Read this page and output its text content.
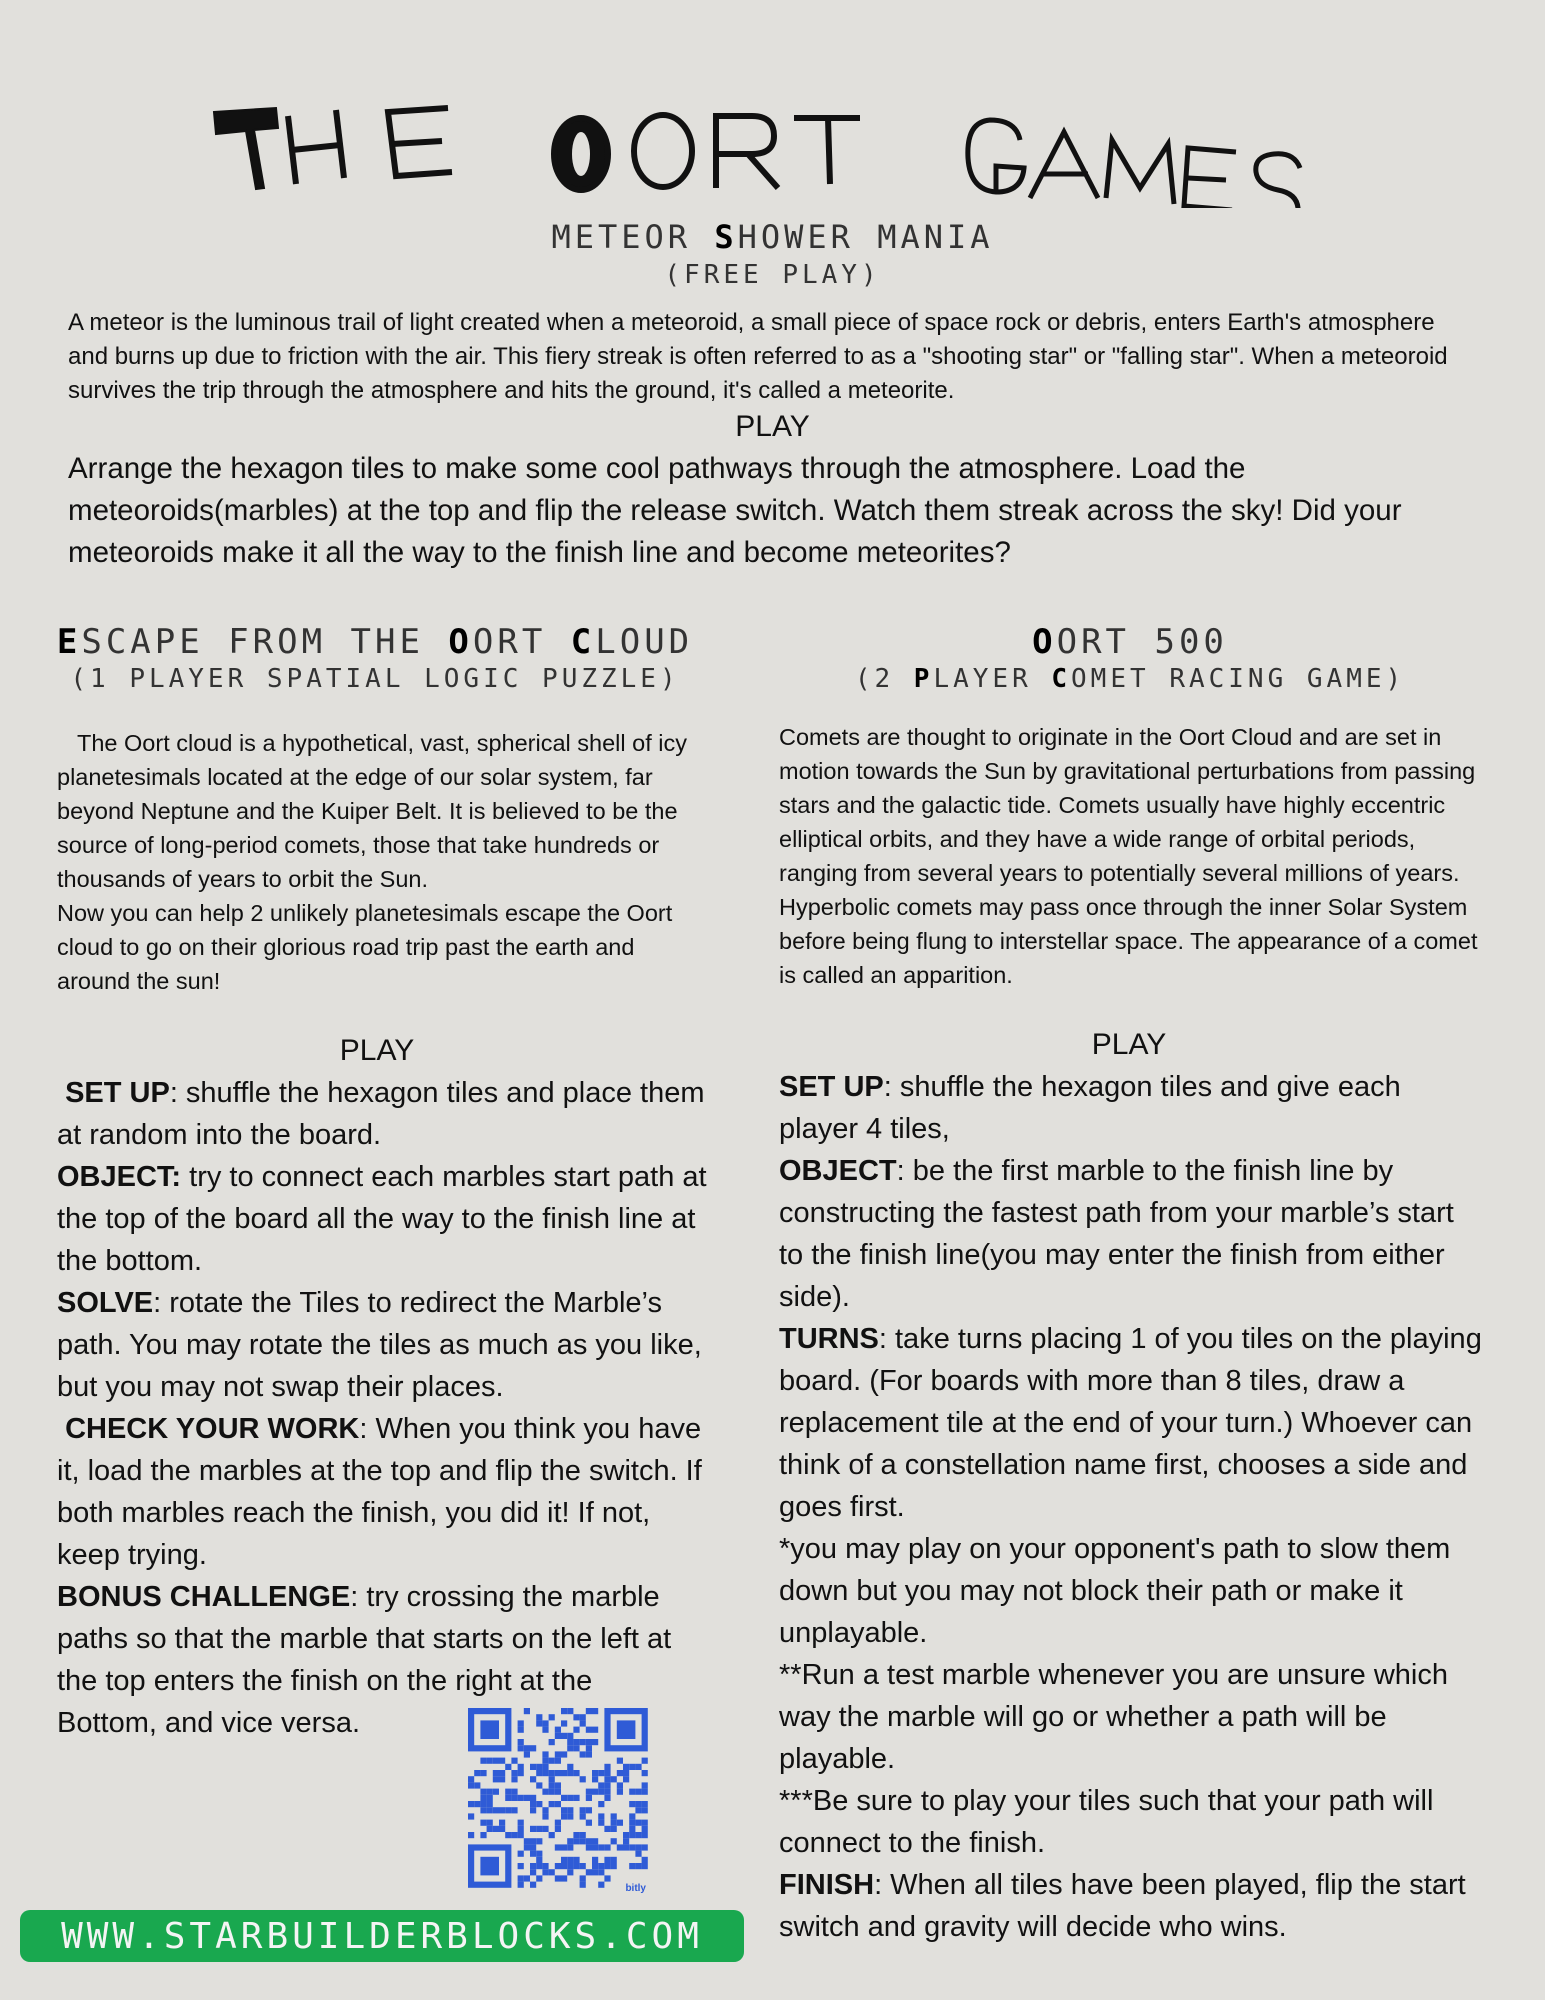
THE
METEOR SHOWER MANIA
(FREE PLAY)
A meteor is the luminous trail of light created when a meteoroid, a small piece of space rock or debris, enters Earth's atmosphere and burns up due to friction with the air. This fiery streak is often referred to as a "shooting star" or "falling star". When a meteoroid survives the trip through the atmosphere and hits the ground, it's called a meteorite.
PLAY
Arrange the hexagon tiles to make some cool pathways through the atmosphere. Load the meteoroids(marbles) at the top and flip the release switch. Watch them streak across the sky! Did your meteoroids make it all the way to the finish line and become meteorites?
ESCAPE FROM THE OORT CLOUD
(1 PLAYER SPATIAL LOGIC PUZZLE)
The Oort cloud is a hypothetical, vast, spherical shell of icy planetesimals located at the edge of our solar system, far beyond Neptune and the Kuiper Belt. It is believed to be the source of long-period comets, those that take hundreds or thousands of years to orbit the Sun.
Now you can help 2 unlikely planetesimals escape the Oort cloud to go on their glorious road trip past the earth and around the sun!
PLAY

SET UP: shuffle the hexagon tiles and place them at random into the board.

OBJECT: try to connect each marbles start path at the top of the board all the way to the finish line at the bottom.

SOLVE: rotate the Tiles to redirect the Marble’s path. You may rotate the tiles as much as you like, but you may not swap their places.

CHECK YOUR WORK: When you think you have it, load the marbles at the top and flip the switch. If both marbles reach the finish, you did it! If not, keep trying.

BONUS CHALLENGE: try crossing the marble paths so that the marble that starts on the left at the top enters the finish on the right at the Bottom, and vice versa.

bitly
WWW.STARBUILDERBLOCKS.COM
OORT 500
(2 PLAYER COMET RACING GAME)
Comets are thought to originate in the Oort Cloud and are set in motion towards the Sun by gravitational perturbations from passing stars and the galactic tide. Comets usually have highly eccentric elliptical orbits, and they have a wide range of orbital periods, ranging from several years to potentially several millions of years. Hyperbolic comets may pass once through the inner Solar System before being flung to interstellar space. The appearance of a comet is called an apparition.
PLAY

SET UP: shuffle the hexagon tiles and give each player 4 tiles,

OBJECT: be the first marble to the finish line by constructing the fastest path from your marble’s start to the finish line(you may enter the finish from either side).

TURNS: take turns placing 1 of you tiles on the playing board. (For boards with more than 8 tiles, draw a replacement tile at the end of your turn.) Whoever can think of a constellation name first, chooses a side and goes first.

*you may play on your opponent's path to slow them down but you may not block their path or make it unplayable.

**Run a test marble whenever you are unsure which way the marble will go or whether a path will be playable.

***Be sure to play your tiles such that your path will connect to the finish.

FINISH: When all tiles have been played, flip the start switch and gravity will decide who wins.
